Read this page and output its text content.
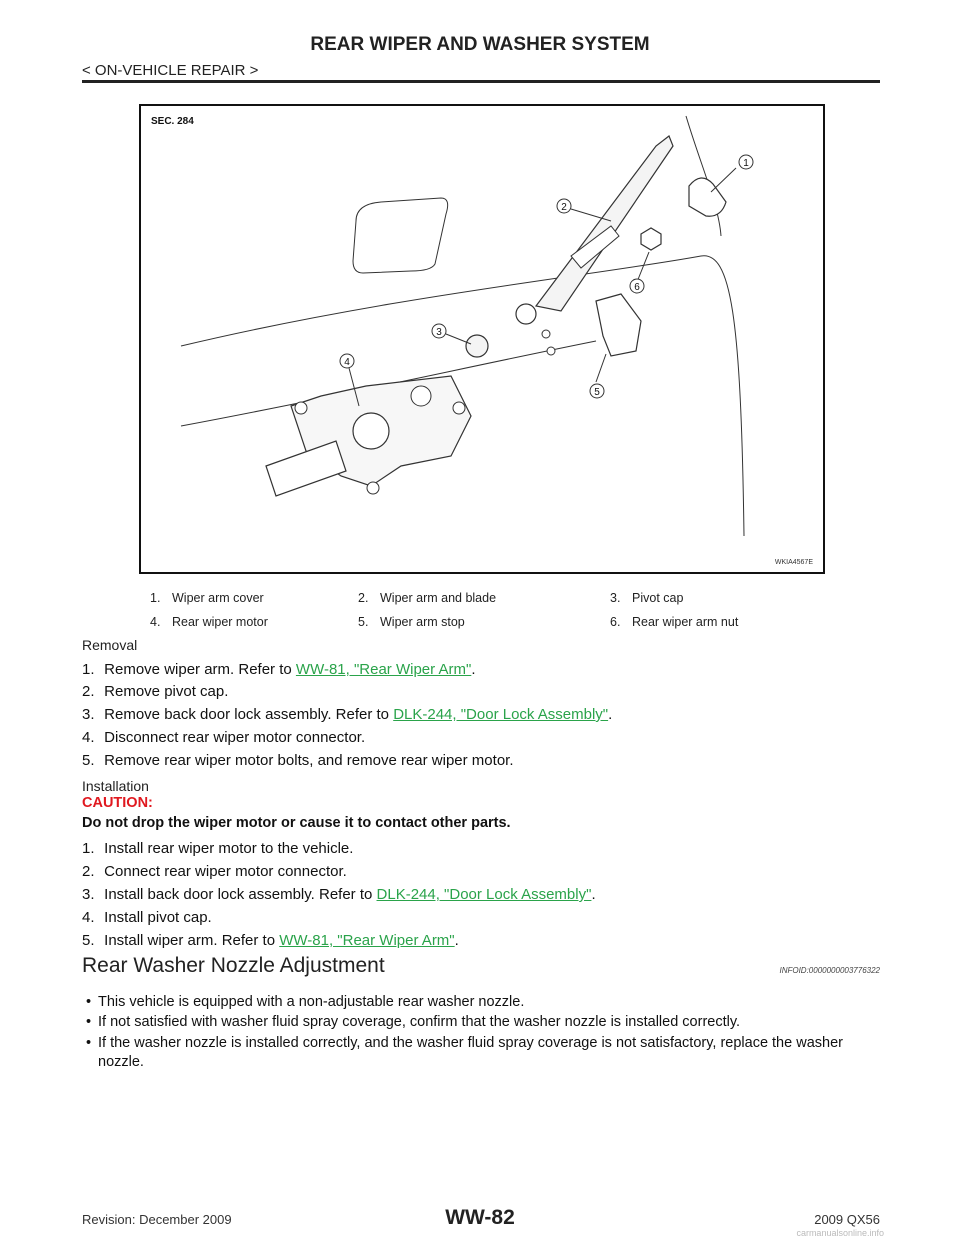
REAR WIPER AND WASHER SYSTEM
< ON-VEHICLE REPAIR >
SEC. 284
1
2
3
4
5
6
WKIA4567E
1. Wiper arm cover	2. Wiper arm and blade	3. Pivot cap
4. Rear wiper motor	5. Wiper arm stop	6. Rear wiper arm nut
Removal
1. Remove wiper arm. Refer to WW-81, "Rear Wiper Arm".
2. Remove pivot cap.
3. Remove back door lock assembly. Refer to DLK-244, "Door Lock Assembly".
4. Disconnect rear wiper motor connector.
5. Remove rear wiper motor bolts, and remove rear wiper motor.
Installation
CAUTION:
Do not drop the wiper motor or cause it to contact other parts.
1. Install rear wiper motor to the vehicle.
2. Connect rear wiper motor connector.
3. Install back door lock assembly. Refer to DLK-244, "Door Lock Assembly".
4. Install pivot cap.
5. Install wiper arm. Refer to WW-81, "Rear Wiper Arm".
Rear Washer Nozzle Adjustment	INFOID:0000000003776322
• This vehicle is equipped with a non-adjustable rear washer nozzle.
• If not satisfied with washer fluid spray coverage, confirm that the washer nozzle is installed correctly.
• If the washer nozzle is installed correctly, and the washer fluid spray coverage is not satisfactory, replace the washer nozzle.
Revision: December 2009	WW-82	2009 QX56
carmanualsonline.info
